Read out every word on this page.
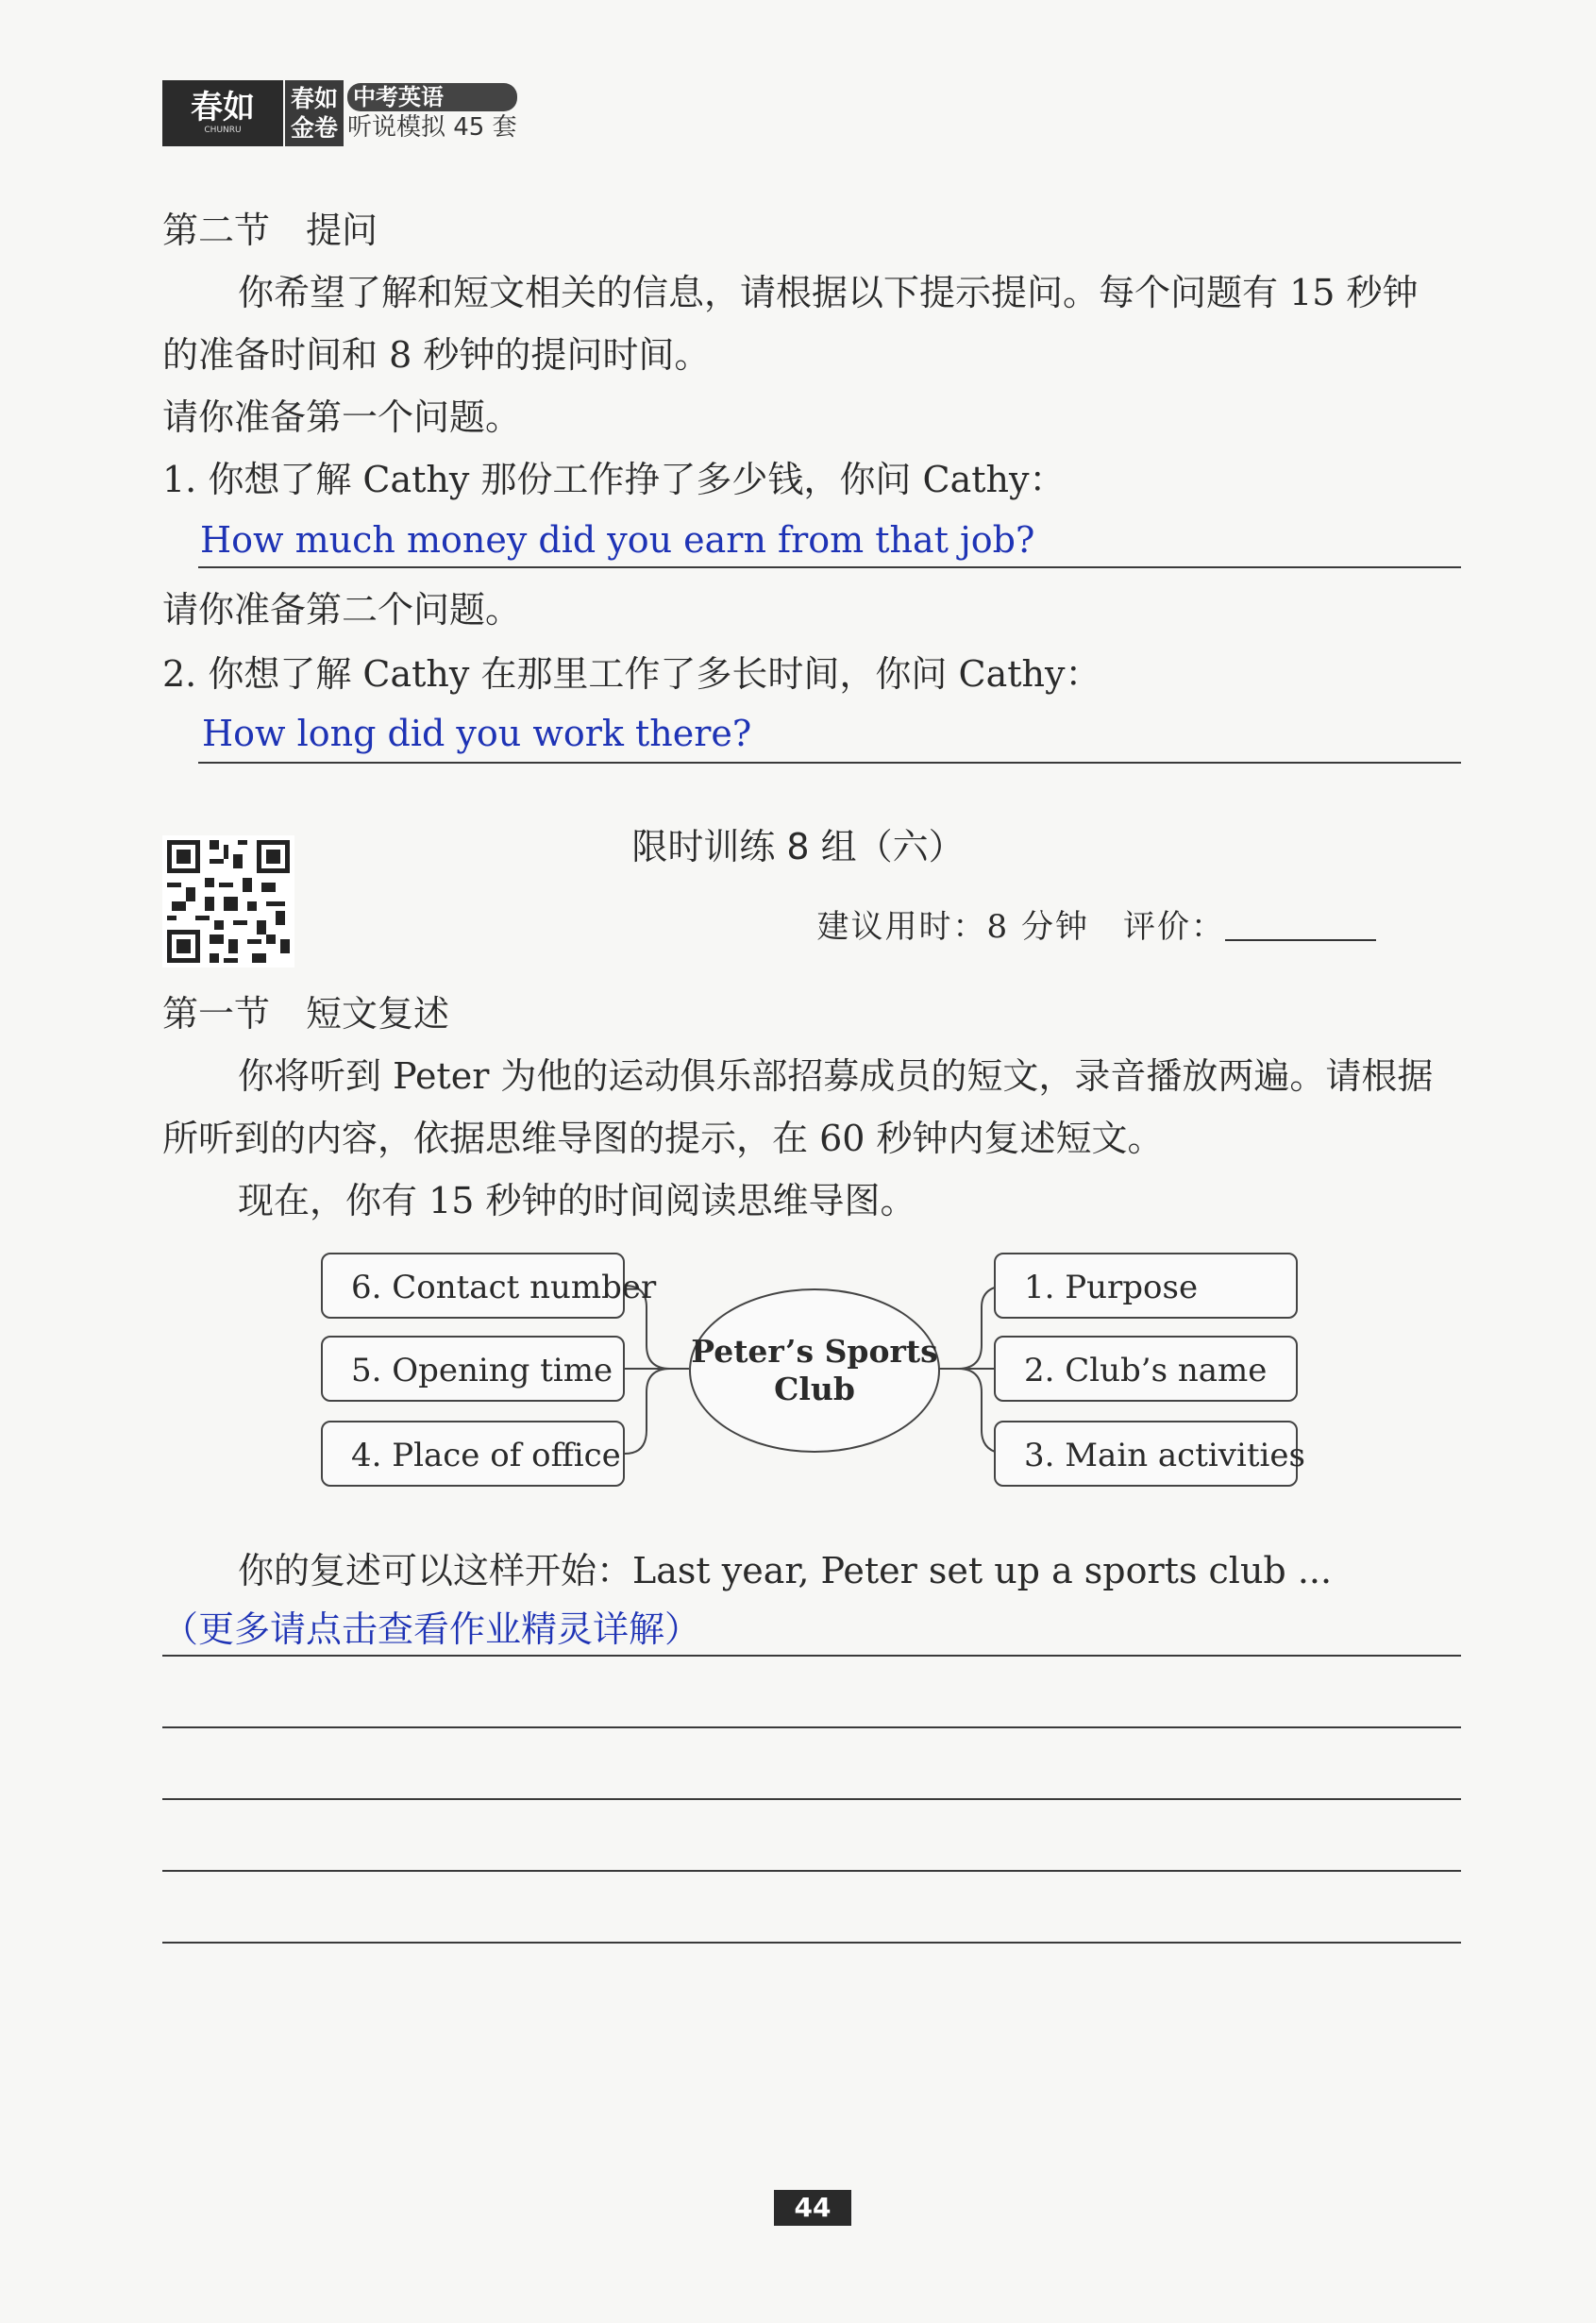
春如
CHUNRU
春如
金卷
中考英语
听说模拟 45 套
第二节　提问
你希望了解和短文相关的信息，请根据以下提示提问。每个问题有 15 秒钟
的准备时间和 8 秒钟的提问时间。
请你准备第一个问题。
1. 你想了解 Cathy 那份工作挣了多少钱，你问 Cathy：
How much money did you earn from that job?
请你准备第二个问题。
2. 你想了解 Cathy 在那里工作了多长时间，你问 Cathy：
How long did you work there?
限时训练 8 组（六）
建议用时：8 分钟　评价：
第一节　短文复述
你将听到 Peter 为他的运动俱乐部招募成员的短文，录音播放两遍。请根据
所听到的内容，依据思维导图的提示，在 60 秒钟内复述短文。
现在，你有 15 秒钟的时间阅读思维导图。
6. Contact number
5. Opening time
4. Place of office
Peter’s Sports
Club
1. Purpose
2. Club’s name
3. Main activities
你的复述可以这样开始：Last year, Peter set up a sports club ...
（更多请点击查看作业精灵详解）
44
